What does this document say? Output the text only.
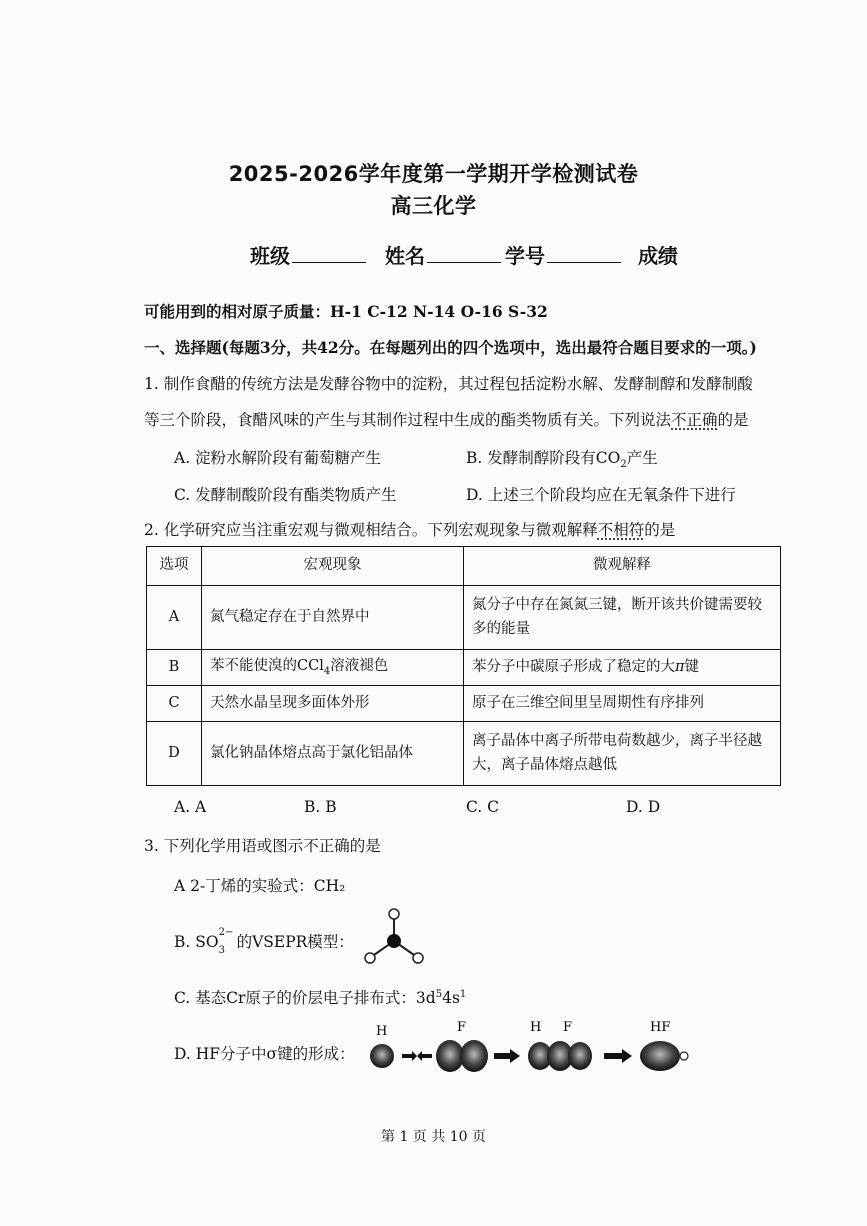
2025-2026学年度第一学期开学检测试卷
高三化学
班级	姓名	学号	成绩
可能用到的相对原子质量：H-1 C-12 N-14 O-16 S-32
一、选择题(每题3分，共42分。在每题列出的四个选项中，选出最符合题目要求的一项。)
1. 制作食醋的传统方法是发酵谷物中的淀粉，其过程包括淀粉水解、发酵制醇和发酵制酸
等三个阶段，食醋风味的产生与其制作过程中生成的酯类物质有关。下列说法不正确的是
A. 淀粉水解阶段有葡萄糖产生	B. 发酵制醇阶段有$CO_2$产生
C. 发酵制酸阶段有酯类物质产生	D. 上述三个阶段均应在无氧条件下进行
2. 化学研究应当注重宏观与微观相结合。下列宏观现象与微观解释不相符的是
选项	宏观现象	微观解释
A	氮气稳定存在于自然界中	氮分子中存在氮氮三键，断开该共价键需要较多的能量
B	苯不能使溴的CCl$_4$溶液褪色	苯分子中碳原子形成了稳定的大π键
C	天然水晶呈现多面体外形	原子在三维空间里呈周期性有序排列
D	氯化钠晶体熔点高于氯化铝晶体	离子晶体中离子所带电荷数越少，离子半径越大，离子晶体熔点越低
A. A	B. B	C. C	D. D
3. 下列化学用语或图示不正确的是
A 2-丁烯的实验式：CH₂
B. SO
2−
3 的VSEPR模型：
C. 基态Cr原子的价层电子排布式：$3d^54s^1$
D. HF分子中σ键的形成：
H	F	H F	HF
第 1 页 共 10 页
